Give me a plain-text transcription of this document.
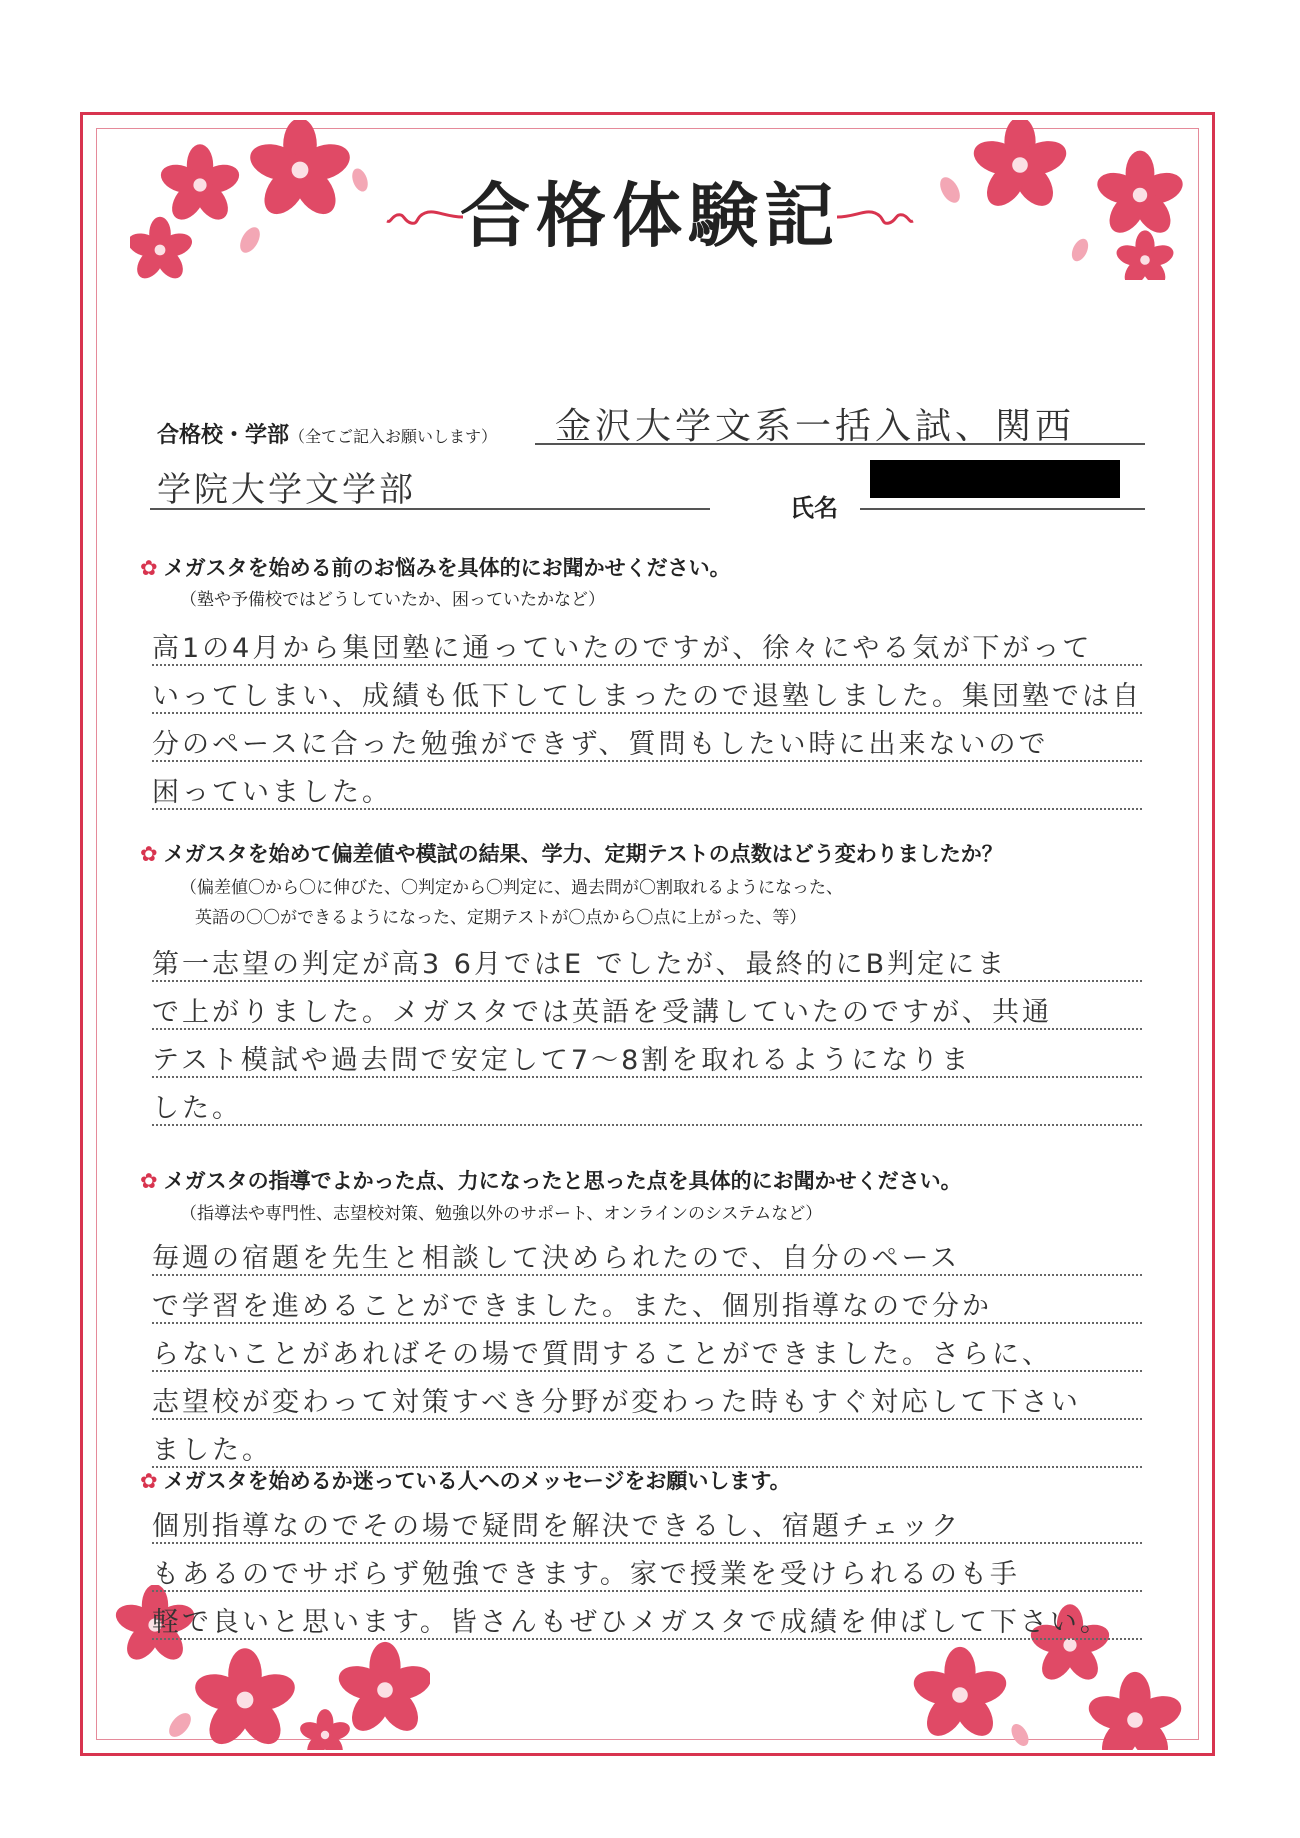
合格体験記
合格校・学部（全てご記入お願いします） 金沢大学文系一括入試、関西
学院大学文学部	氏名
✿ メガスタを始める前のお悩みを具体的にお聞かせください。
（塾や予備校ではどうしていたか、困っていたかなど）
高1の4月から集団塾に通っていたのですが、徐々にやる気が下がって
いってしまい、成績も低下してしまったので退塾しました。集団塾では自
分のペースに合った勉強ができず、質問もしたい時に出来ないので
困っていました。
✿ メガスタを始めて偏差値や模試の結果、学力、定期テストの点数はどう変わりましたか？
（偏差値〇から〇に伸びた、〇判定から〇判定に、過去問が〇割取れるようになった、
英語の〇〇ができるようになった、定期テストが〇点から〇点に上がった、等）
第一志望の判定が高3 6月ではE でしたが、最終的にB判定にま
で上がりました。メガスタでは英語を受講していたのですが、共通
テスト模試や過去問で安定して7〜8割を取れるようになりま
した。
✿ メガスタの指導でよかった点、力になったと思った点を具体的にお聞かせください。
（指導法や専門性、志望校対策、勉強以外のサポート、オンラインのシステムなど）
毎週の宿題を先生と相談して決められたので、自分のペース
で学習を進めることができました。また、個別指導なので分か
らないことがあればその場で質問することができました。さらに、
志望校が変わって対策すべき分野が変わった時もすぐ対応して下さい
ました。
✿ メガスタを始めるか迷っている人へのメッセージをお願いします。
個別指導なのでその場で疑問を解決できるし、宿題チェック
もあるのでサボらず勉強できます。家で授業を受けられるのも手
軽で良いと思います。皆さんもぜひメガスタで成績を伸ばして下さい。
